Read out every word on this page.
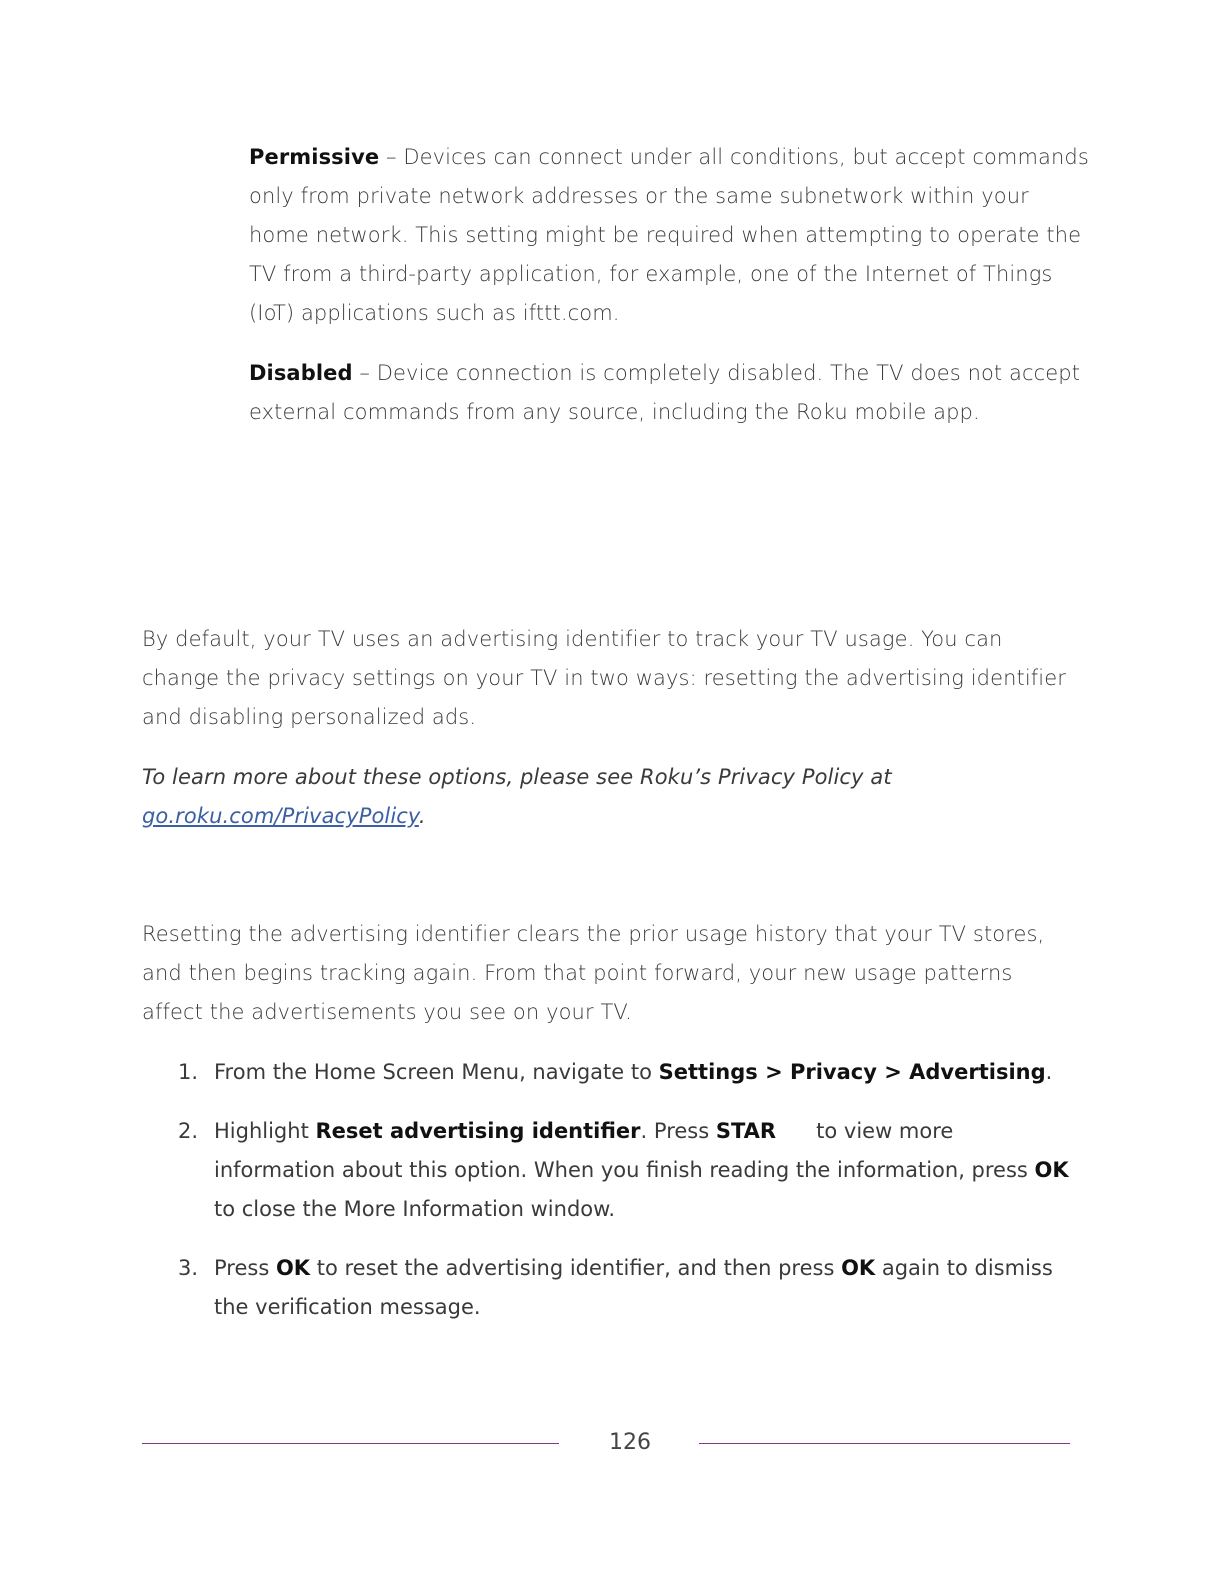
Permissive – Devices can connect under all conditions, but accept commands only from private network addresses or the same subnetwork within your home network. This setting might be required when attempting to operate the TV from a third-party application, for example, one of the Internet of Things (IoT) applications such as ifttt.com.

Disabled – Device connection is completely disabled. The TV does not accept external commands from any source, including the Roku mobile app.

By default, your TV uses an advertising identifier to track your TV usage. You can change the privacy settings on your TV in two ways: resetting the advertising identifier and disabling personalized ads.

To learn more about these options, please see Roku’s Privacy Policy at go.roku.com/PrivacyPolicy.

Resetting the advertising identifier clears the prior usage history that your TV stores, and then begins tracking again. From that point forward, your new usage patterns affect the advertisements you see on your TV.

1. From the Home Screen Menu, navigate to Settings > Privacy > Advertising.
2. Highlight Reset advertising identifier. Press STAR      to view more information about this option. When you finish reading the information, press OK to close the More Information window.
3. Press OK to reset the advertising identifier, and then press OK again to dismiss the verification message.
126
